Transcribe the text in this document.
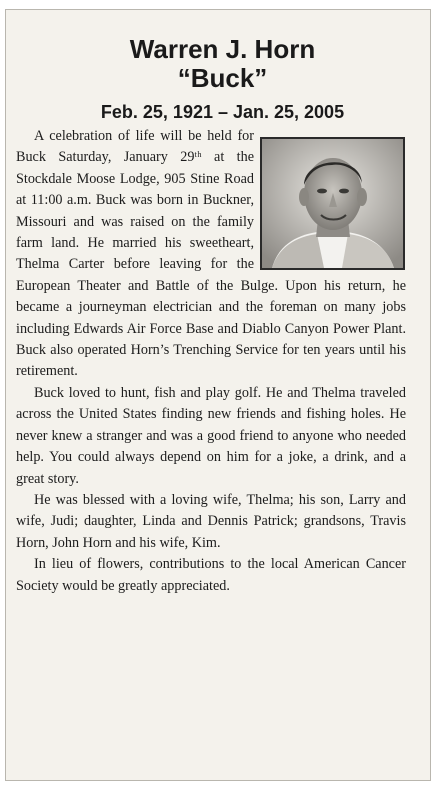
Warren J. Horn
“Buck”
Feb. 25, 1921 – Jan. 25, 2005

A celebration of life will be held for Buck Saturday, January 29ᵗʰ at the Stockdale Moose Lodge, 905 Stine Road at 11:00 a.m. Buck was born in Buckner, Missouri and was raised on the family farm land. He married his sweetheart, Thelma Carter before leaving for the European Theater and Battle of the Bulge. Upon his return, he became a journeyman electrician and the foreman on many jobs including Edwards Air Force Base and Diablo Canyon Power Plant. Buck also operated Horn’s Trenching Service for ten years until his retirement.

Buck loved to hunt, fish and play golf. He and Thelma traveled across the United States finding new friends and fishing holes. He never knew a stranger and was a good friend to anyone who needed help. You could always depend on him for a joke, a drink, and a great story.

He was blessed with a loving wife, Thelma; his son, Larry and wife, Judi; daughter, Linda and Dennis Patrick; grandsons, Travis Horn, John Horn and his wife, Kim.

In lieu of flowers, contributions to the local American Cancer Society would be greatly appreciated.
